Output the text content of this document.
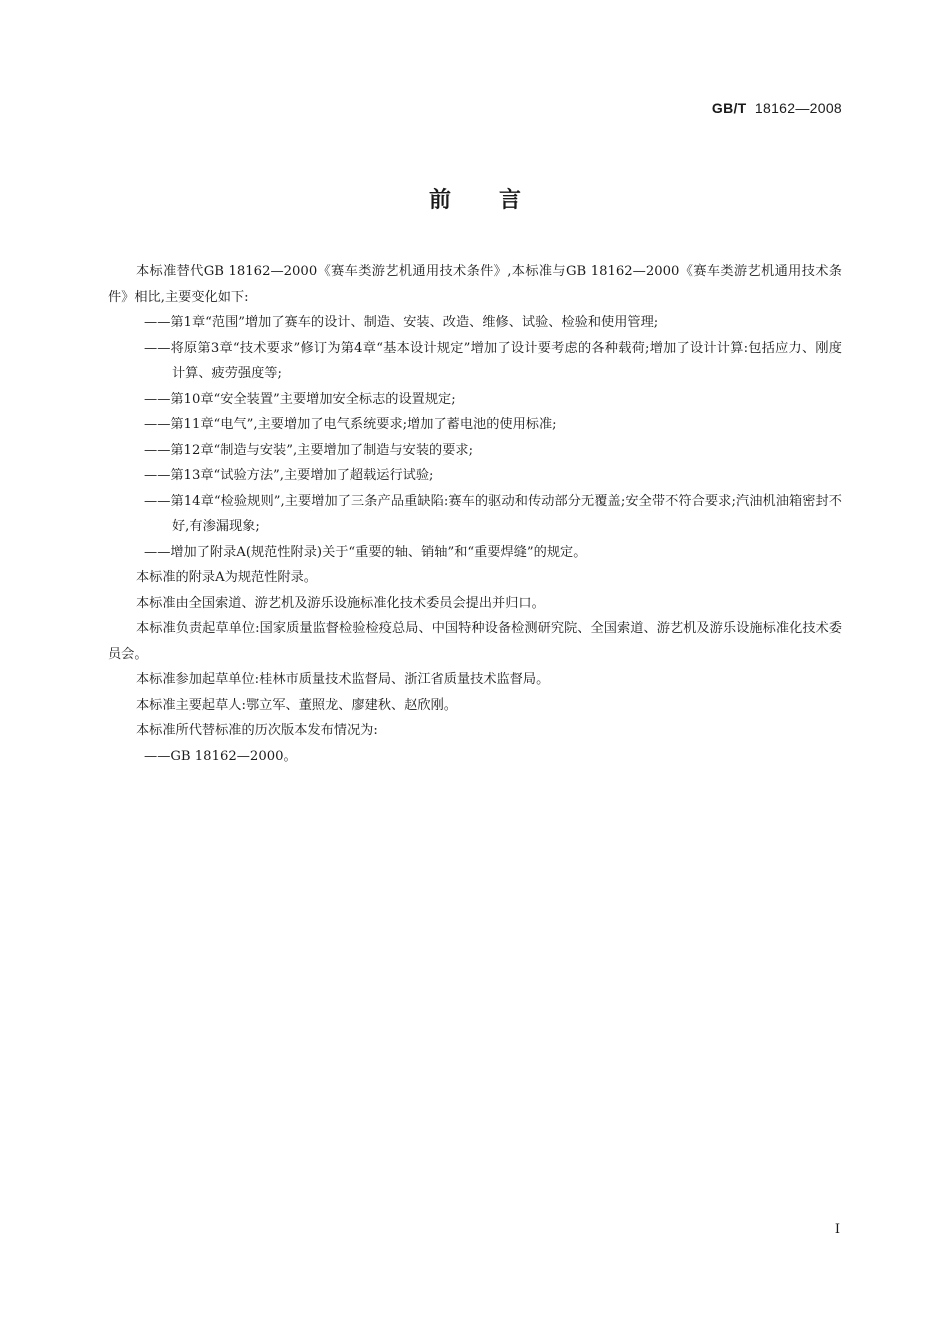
GB/T 18162—2008
前言

本标准替代GB 18162—2000《赛车类游艺机通用技术条件》,本标准与GB 18162—2000《赛车类游艺机通用技术条件》相比,主要变化如下:

——第1章“范围”增加了赛车的设计、制造、安装、改造、维修、试验、检验和使用管理;

——将原第3章“技术要求”修订为第4章“基本设计规定”增加了设计要考虑的各种载荷;增加了设计计算:包括应力、刚度计算、疲劳强度等;

——第10章“安全装置”主要增加安全标志的设置规定;

——第11章“电气”,主要增加了电气系统要求;增加了蓄电池的使用标准;

——第12章“制造与安装”,主要增加了制造与安装的要求;

——第13章“试验方法”,主要增加了超载运行试验;

——第14章“检验规则”,主要增加了三条产品重缺陷:赛车的驱动和传动部分无覆盖;安全带不符合要求;汽油机油箱密封不好,有渗漏现象;

——增加了附录A(规范性附录)关于“重要的轴、销轴”和“重要焊缝”的规定。

本标准的附录A为规范性附录。

本标准由全国索道、游艺机及游乐设施标准化技术委员会提出并归口。

本标准负责起草单位:国家质量监督检验检疫总局、中国特种设备检测研究院、全国索道、游艺机及游乐设施标准化技术委员会。

本标准参加起草单位:桂林市质量技术监督局、浙江省质量技术监督局。

本标准主要起草人:鄂立军、董照龙、廖建秋、赵欣刚。

本标准所代替标准的历次版本发布情况为:

——GB 18162—2000。

I
